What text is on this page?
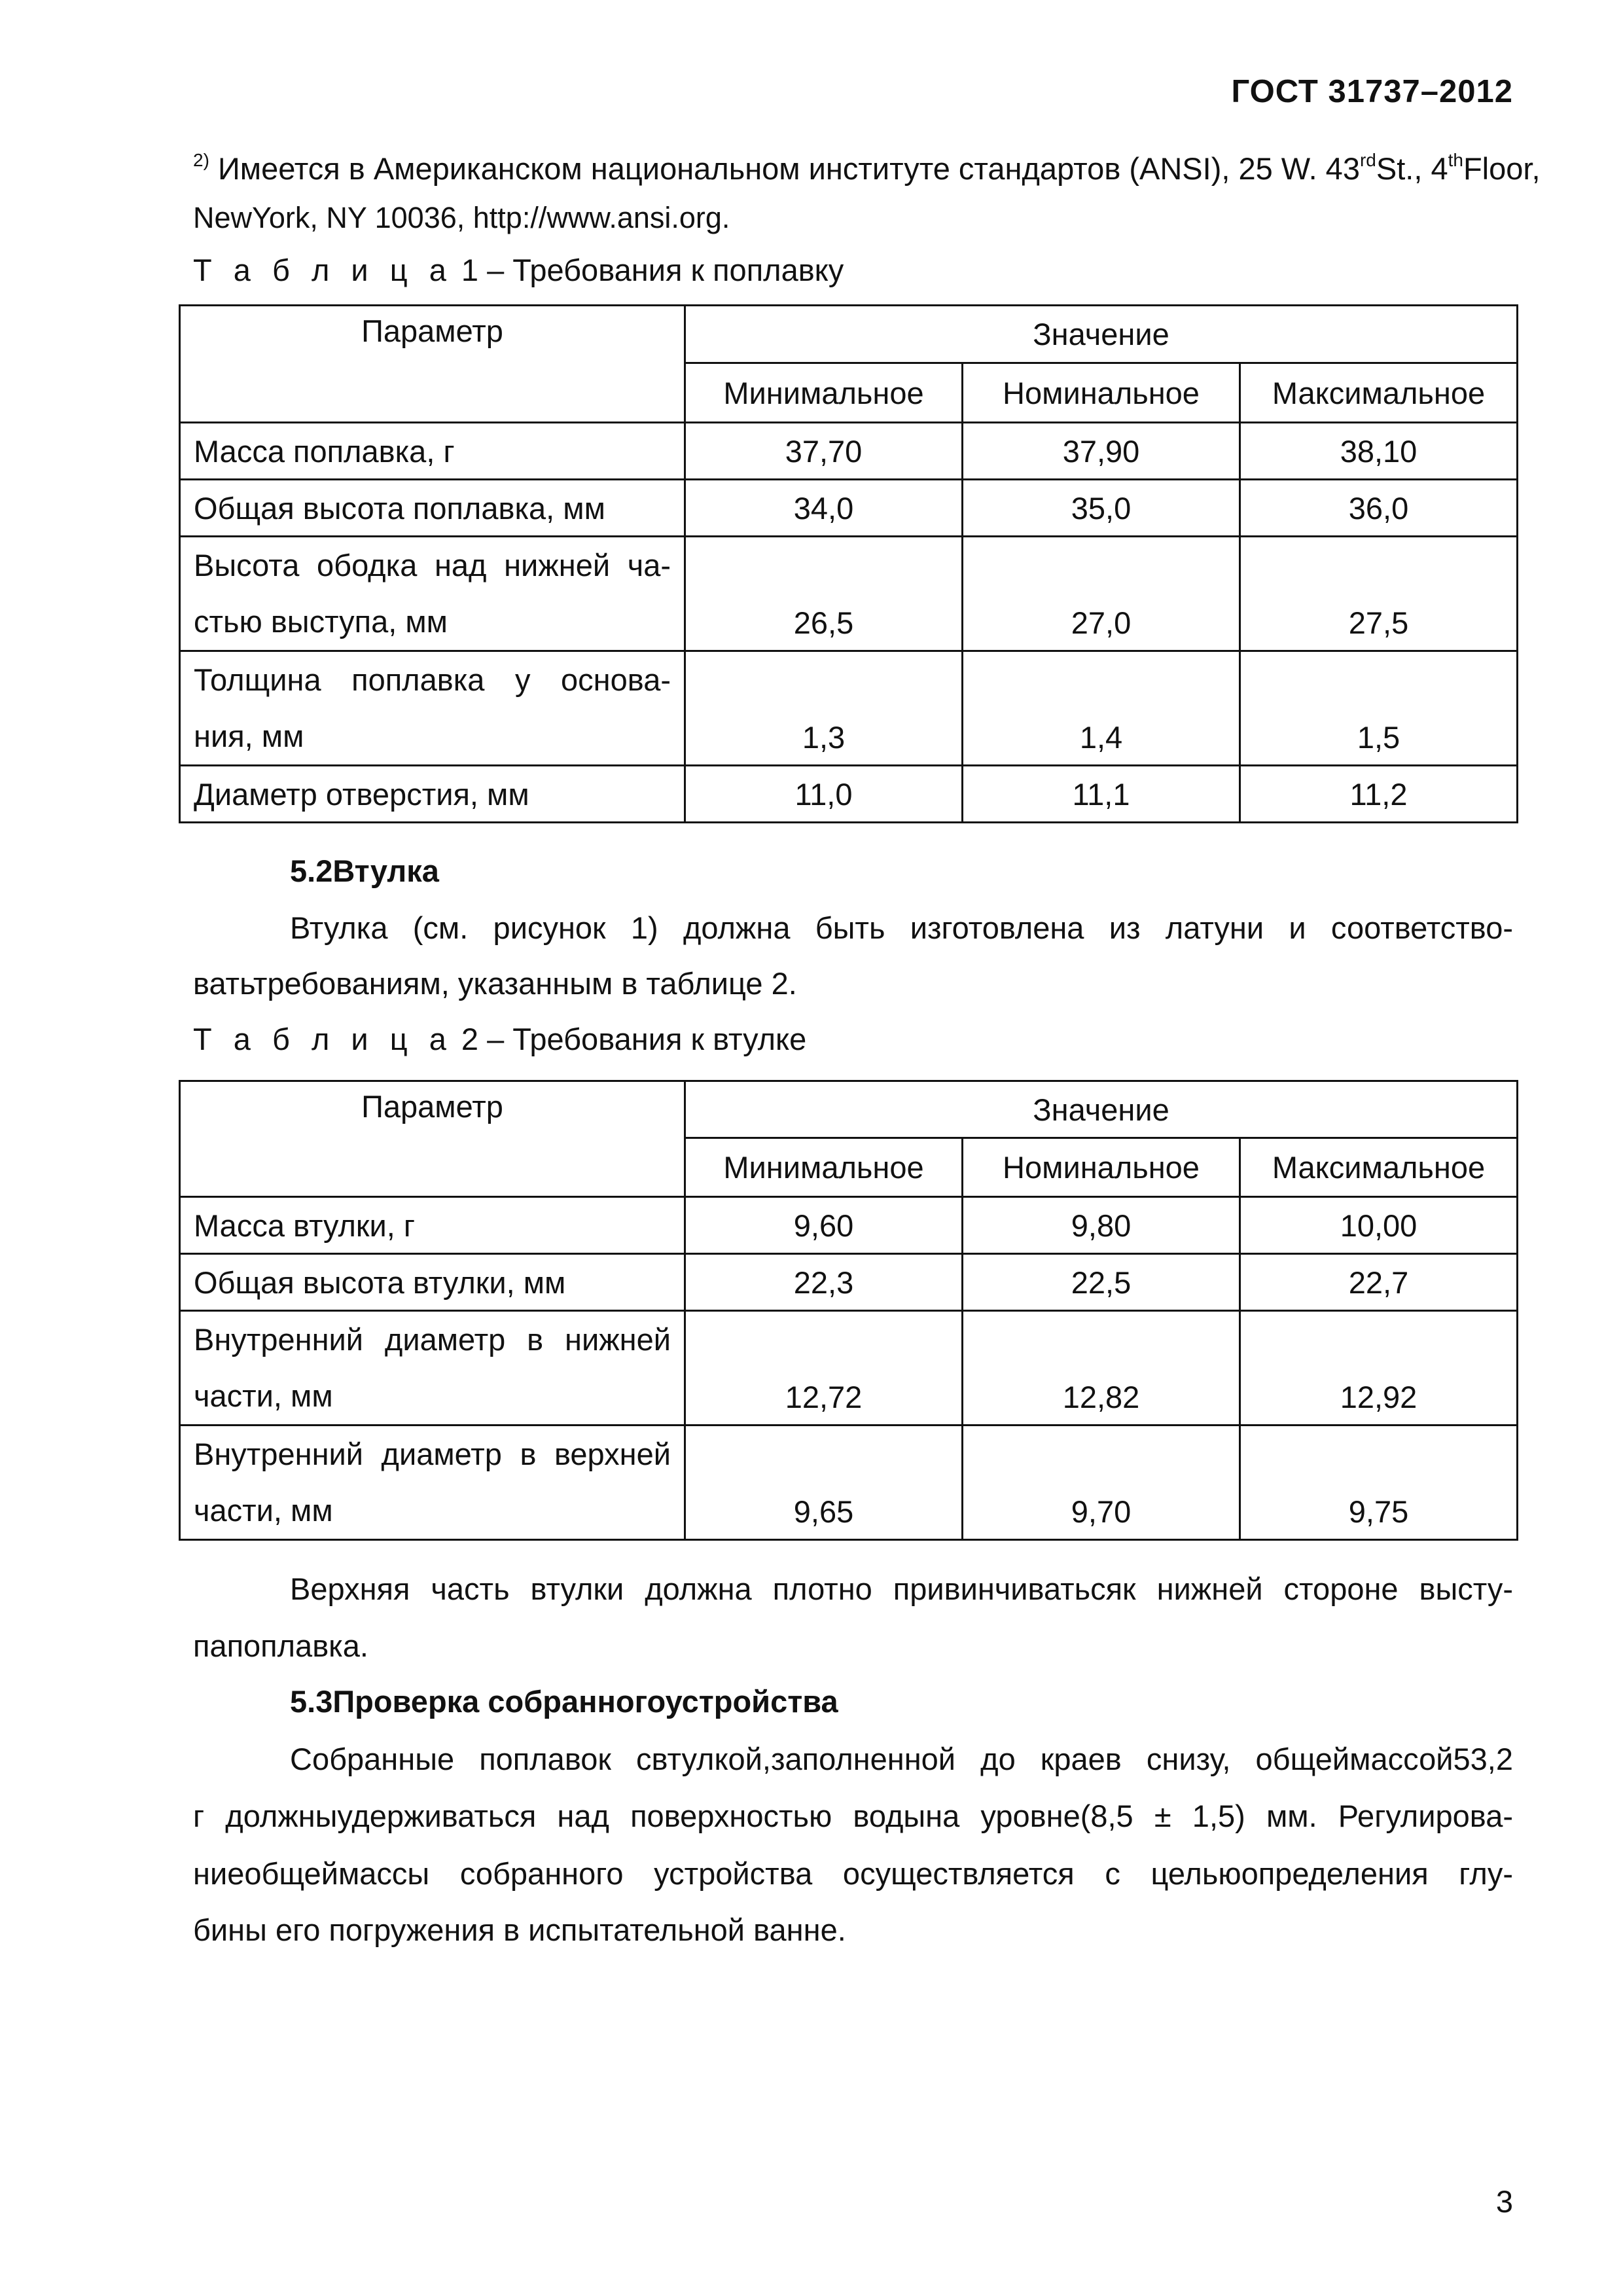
ГОСТ 31737–2012
$^{2)}$ Имеется в Американском национальном институте стандартов (ANSI), 25 W. 43rdSt., 4thFloor,
NewYork, NY 10036, http://www.ansi.org.
Т а б л и ц а 1 – Требования к поплавку
Параметр	Значение		
	Минимальное	Номинальное	Максимальное
Масса поплавка, г	37,70	37,90	38,10
Общая высота поплавка, мм	34,0	35,0	36,0

Высота ободка над нижней ча-
стью выступа, мм	26,5	27,0	27,5

Толщина поплавка у основа-
ния, мм	1,3	1,4	1,5
Диаметр отверстия, мм	11,0	11,1	11,2
5.2Втулка
Втулка (см. рисунок 1) должна быть изготовлена из латуни и соответство-
ватьтребованиям, указанным в таблице 2.
Т а б л и ц а 2 – Требования к втулке
Параметр	Значение		
	Минимальное	Номинальное	Максимальное
Масса втулки, г	9,60	9,80	10,00
Общая высота втулки, мм	22,3	22,5	22,7

Внутренний диаметр в нижней
части, мм	12,72	12,82	12,92

Внутренний диаметр в верхней
части, мм	9,65	9,70	9,75
Верхняя часть втулки должна плотно привинчиватьсяк нижней стороне высту-
папоплавка.
5.3Проверка собранногоустройства
Собранные поплавок свтулкой,заполненной до краев снизу, общеймассой53,2
г должныудерживаться над поверхностью водына уровне(8,5 ± 1,5) мм. Регулирова-
ниеобщеймассы собранного устройства осуществляется с цельюопределения глу-
бины его погружения в испытательной ванне.
3
